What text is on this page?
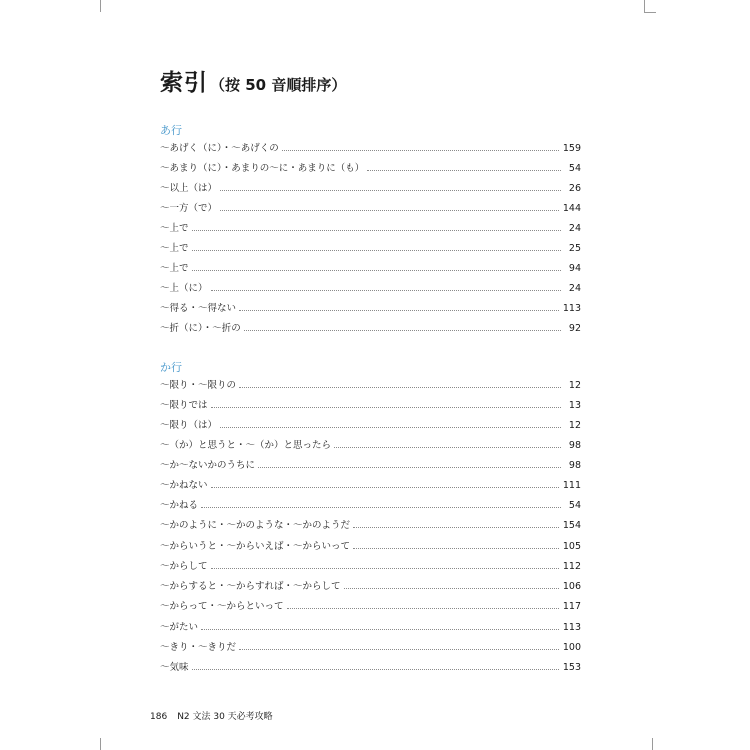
索引 （按 50 音順排序）
あ行
～あげく（に）・～あげくの	159
～あまり（に）・あまりの～に・あまりに（も）	54
～以上（は）	26
～一方（で）	144
～上で	24
～上で	25
～上で	94
～上（に）	24
～得る・～得ない	113
～折（に）・～折の	92
か行
～限り・～限りの	12
～限りでは	13
～限り（は）	12
～（か）と思うと・～（か）と思ったら	98
～か～ないかのうちに	98
～かねない	111
～かねる	54
～かのように・～かのような・～かのようだ	154
～からいうと・～からいえば・～からいって	105
～からして	112
～からすると・～からすれば・～からして	106
～からって・～からといって	117
～がたい	113
～きり・～きりだ	100
～気味	153
186 N2 文法 30 天必考攻略
